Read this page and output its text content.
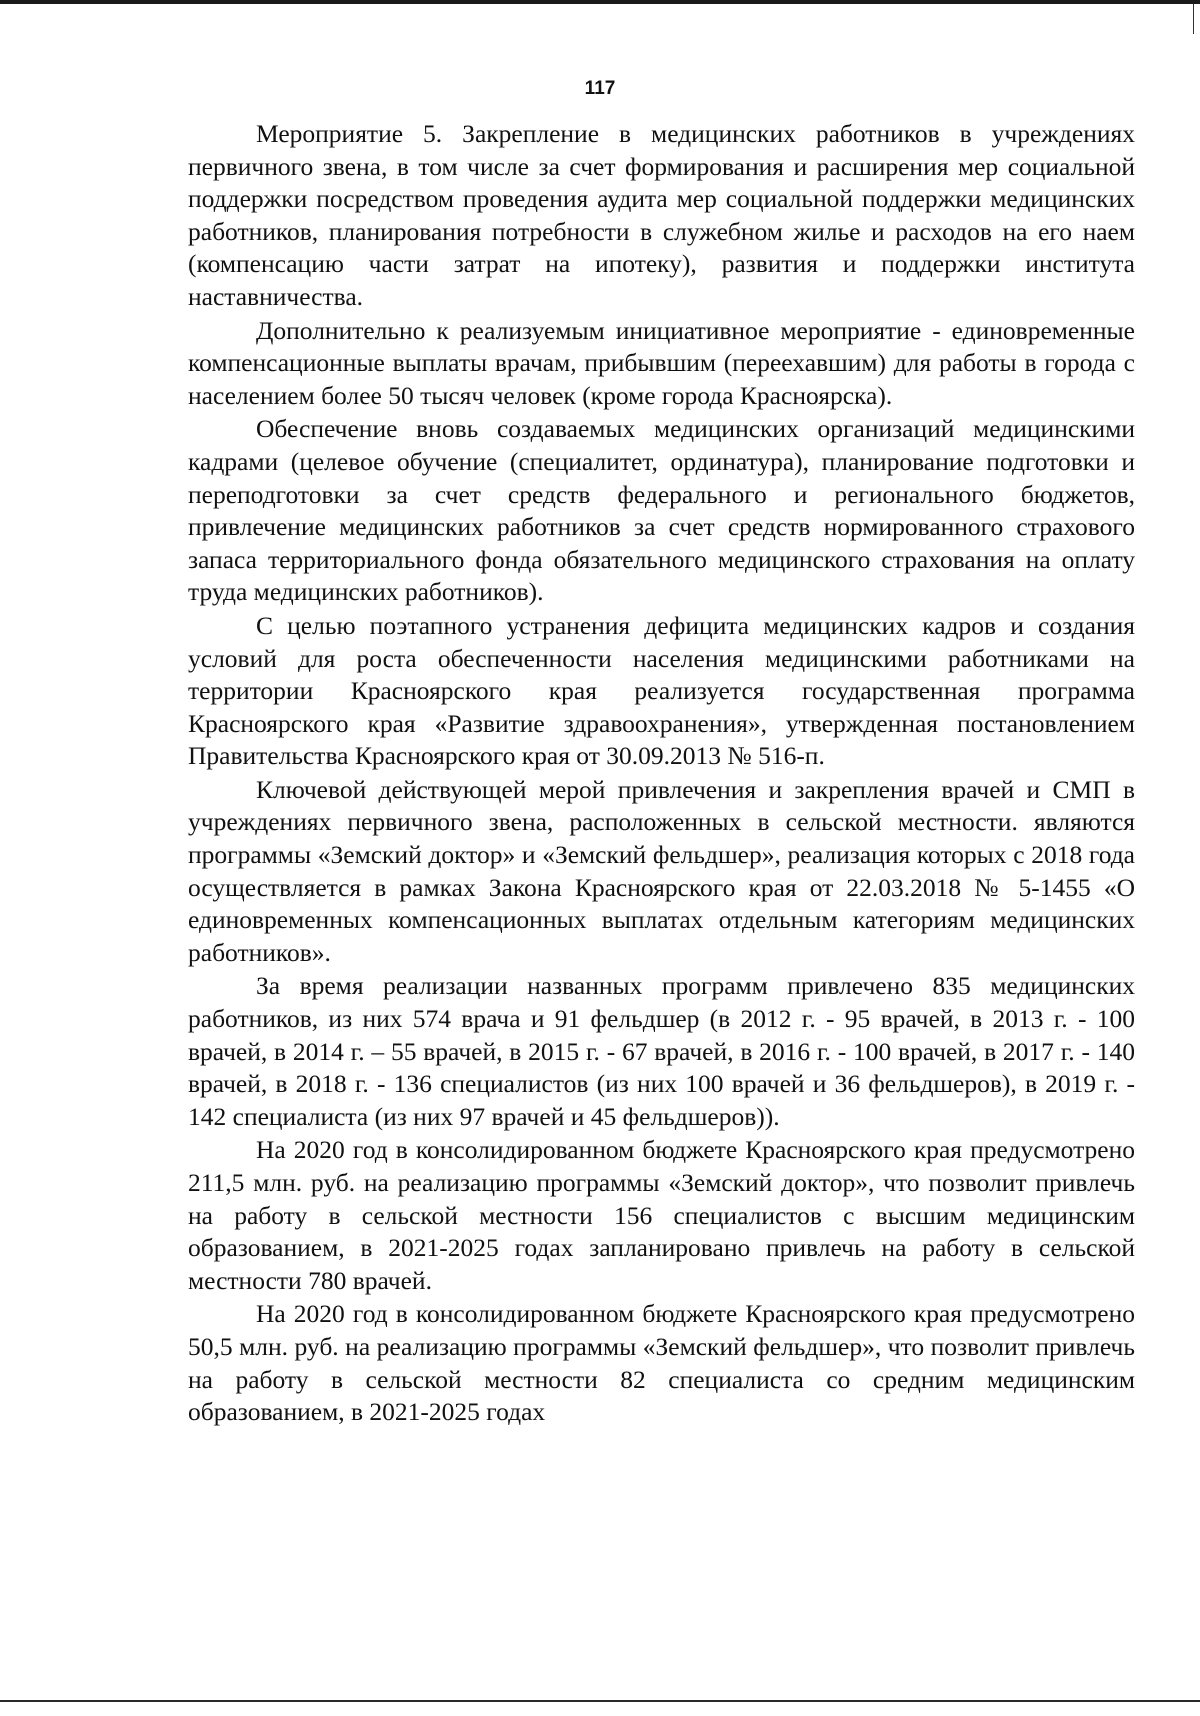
117

Мероприятие 5. Закрепление в медицинских работников в учреждениях первичного звена, в том числе за счет формирования и расширения мер социальной поддержки посредством проведения аудита мер социальной поддержки медицинских работников, планирования потребности в служебном жилье и расходов на его наем (компенсацию части затрат на ипотеку), развития и поддержки института наставничества.

Дополнительно к реализуемым инициативное мероприятие - единовременные компенсационные выплаты врачам, прибывшим (переехавшим) для работы в города с населением более 50 тысяч человек (кроме города Красноярска).

Обеспечение вновь создаваемых медицинских организаций медицинскими кадрами (целевое обучение (специалитет, ординатура), планирование подготовки и переподготовки за счет средств федерального и регионального бюджетов, привлечение медицинских работников за счет средств нормированного страхового запаса территориального фонда обязательного медицинского страхования на оплату труда медицинских работников).

С целью поэтапного устранения дефицита медицинских кадров и создания условий для роста обеспеченности населения медицинскими работниками на территории Красноярского края реализуется государственная программа Красноярского края «Развитие здравоохранения», утвержденная постановлением Правительства Красноярского края от 30.09.2013 № 516-п.

Ключевой действующей мерой привлечения и закрепления врачей и СМП в учреждениях первичного звена, расположенных в сельской местности. являются программы «Земский доктор» и «Земский фельдшер», реализация которых с 2018 года осуществляется в рамках Закона Красноярского края от 22.03.2018 № 5-1455 «О единовременных компенсационных выплатах отдельным категориям медицинских работников».

За время реализации названных программ привлечено 835 медицинских работников, из них 574 врача и 91 фельдшер (в 2012 г. - 95 врачей, в 2013 г. - 100 врачей, в 2014 г. – 55 врачей, в 2015 г. - 67 врачей, в 2016 г. - 100 врачей, в 2017 г. - 140 врачей, в 2018 г. - 136 специалистов (из них 100 врачей и 36 фельдшеров), в 2019 г. - 142 специалиста (из них 97 врачей и 45 фельдшеров)).

На 2020 год в консолидированном бюджете Красноярского края предусмотрено 211,5 млн. руб. на реализацию программы «Земский доктор», что позволит привлечь на работу в сельской местности 156 специалистов с высшим медицинским образованием, в 2021-2025 годах запланировано привлечь на работу в сельской местности 780 врачей.

На 2020 год в консолидированном бюджете Красноярского края предусмотрено 50,5 млн. руб. на реализацию программы «Земский фельдшер», что позволит привлечь на работу в сельской местности 82 специалиста со средним медицинским образованием, в 2021-2025 годах
